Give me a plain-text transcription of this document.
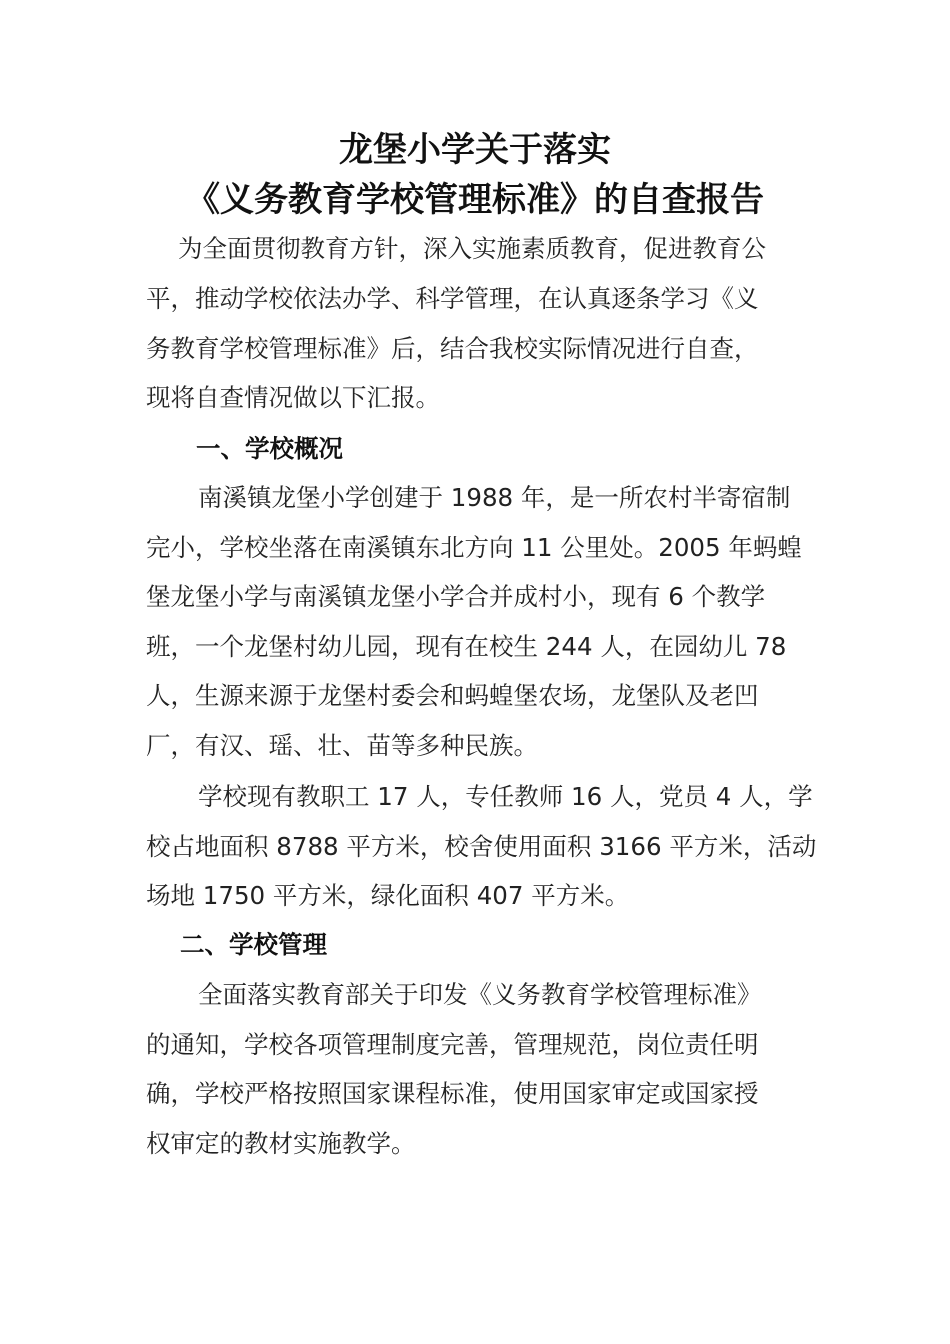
龙堡小学关于落实
《义务教育学校管理标准》的自查报告
为全面贯彻教育方针，深入实施素质教育，促进教育公
平，推动学校依法办学、科学管理，在认真逐条学习《义
务教育学校管理标准》后，结合我校实际情况进行自查，
现将自查情况做以下汇报。
一、学校概况
南溪镇龙堡小学创建于 1988 年，是一所农村半寄宿制
完小，学校坐落在南溪镇东北方向 11 公里处。2005 年蚂蝗
堡龙堡小学与南溪镇龙堡小学合并成村小，现有 6 个教学
班，一个龙堡村幼儿园，现有在校生 244 人，在园幼儿 78
人，生源来源于龙堡村委会和蚂蝗堡农场，龙堡队及老凹
厂，有汉、瑶、壮、苗等多种民族。
学校现有教职工 17 人，专任教师 16 人，党员 4 人，学
校占地面积 8788 平方米，校舍使用面积 3166 平方米，活动
场地 1750 平方米，绿化面积 407 平方米。
二、学校管理
全面落实教育部关于印发《义务教育学校管理标准》
的通知，学校各项管理制度完善，管理规范，岗位责任明
确，学校严格按照国家课程标准，使用国家审定或国家授
权审定的教材实施教学。
